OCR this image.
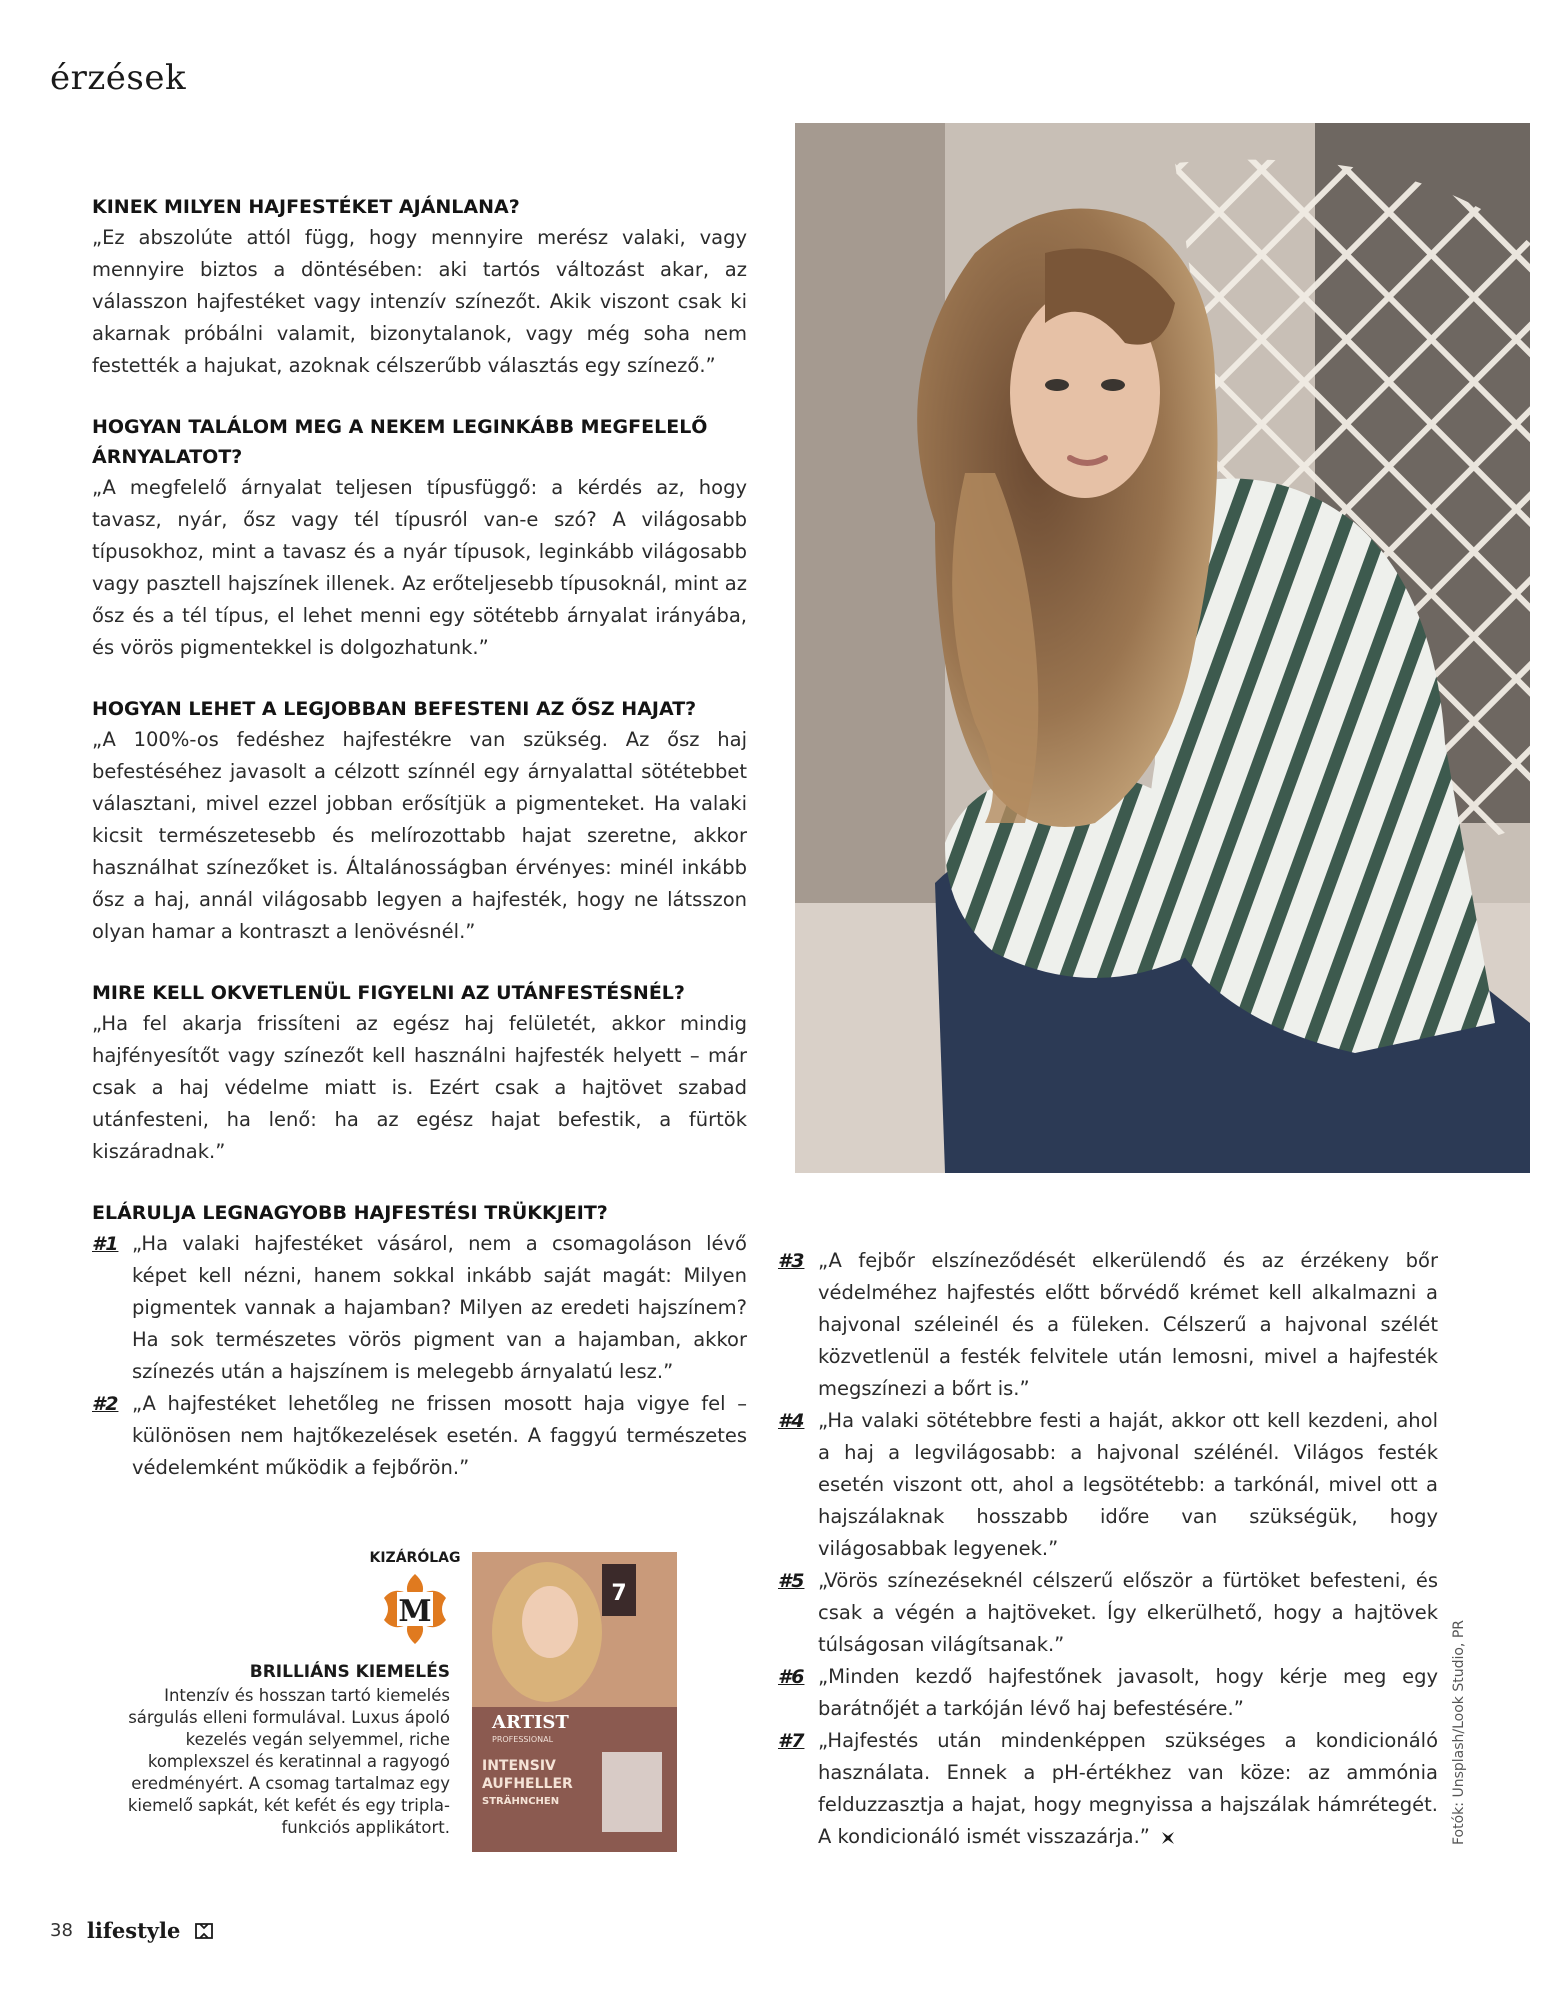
érzések

KINEK MILYEN HAJFESTÉKET AJÁNLANA?

„Ez abszolúte attól függ, hogy mennyire merész valaki, vagy mennyire biztos a döntésében: aki tartós változást akar, az válasszon hajfestéket vagy intenzív színezőt. Akik viszont csak ki akarnak próbálni valamit, bizonytalanok, vagy még soha nem festették a hajukat, azoknak célszerűbb választás egy színező.”

HOGYAN TALÁLOM MEG A NEKEM LEGINKÁBB MEGFELELŐ ÁRNYALATOT?

„A megfelelő árnyalat teljesen típusfüggő: a kérdés az, hogy tavasz, nyár, ősz vagy tél típusról van-e szó? A világosabb típusokhoz, mint a tavasz és a nyár típusok, leginkább világosabb vagy pasztell hajszínek illenek. Az erőteljesebb típusoknál, mint az ősz és a tél típus, el lehet menni egy sötétebb árnyalat irányába, és vörös pigmentekkel is dolgozhatunk.”

HOGYAN LEHET A LEGJOBBAN BEFESTENI AZ ŐSZ HAJAT?

„A 100%-os fedéshez hajfestékre van szükség. Az ősz haj befestéséhez javasolt a célzott színnél egy árnyalattal sötétebbet választani, mivel ezzel jobban erősítjük a pigmenteket. Ha valaki kicsit természetesebb és melírozottabb hajat szeretne, akkor használhat színezőket is. Általánosságban érvényes: minél inkább ősz a haj, annál világosabb legyen a hajfesték, hogy ne látsszon olyan hamar a kontraszt a lenövésnél.”

MIRE KELL OKVETLENÜL FIGYELNI AZ UTÁNFESTÉSNÉL?

„Ha fel akarja frissíteni az egész haj felületét, akkor mindig hajfényesítőt vagy színezőt kell használni hajfesték helyett – már csak a haj védelme miatt is. Ezért csak a hajtövet szabad utánfesteni, ha lenő: ha az egész hajat befestik, a fürtök kiszáradnak.”

ELÁRULJA LEGNAGYOBB HAJFESTÉSI TRÜKKJEIT?

#1 „Ha valaki hajfestéket vásárol, nem a csomagoláson lévő képet kell nézni, hanem sokkal inkább saját magát: Milyen pigmentek vannak a hajamban? Milyen az eredeti hajszínem? Ha sok természetes vörös pigment van a hajamban, akkor színezés után a hajszínem is melegebb árnyalatú lesz.”
#2 „A hajfestéket lehetőleg ne frissen mosott haja vigye fel – különösen nem hajtőkezelések esetén. A faggyú természetes védelemként működik a fejbőrön.”
#3 „A fejbőr elszíneződését elkerülendő és az érzékeny bőr védelméhez hajfestés előtt bőrvédő krémet kell alkalmazni a hajvonal széleinél és a füleken. Célszerű a hajvonal szélét közvetlenül a festék felvitele után lemosni, mivel a hajfesték megszínezi a bőrt is.”
#4 „Ha valaki sötétebbre festi a haját, akkor ott kell kezdeni, ahol a haj a legvilágosabb: a hajvonal szélénél. Világos festék esetén viszont ott, ahol a legsötétebb: a tarkónál, mivel ott a hajszálaknak hosszabb időre van szükségük, hogy világosabbak legyenek.”
#5 „Vörös színezéseknél célszerű először a fürtöket befesteni, és csak a végén a hajtöveket. Így elkerülhető, hogy a hajtövek túlságosan világítsanak.”
#6 „Minden kezdő hajfestőnek javasolt, hogy kérje meg egy barátnőjét a tarkóján lévő haj befestésére.”
#7 „Hajfestés után mindenképpen szükséges a kondicionáló használata. Ennek a pH-értékhez van köze: az ammónia felduzzasztja a hajat, hogy megnyissa a hajszálak hámrétegét. A kondicionáló ismét visszazárja.”
KIZÁRÓLAG
M
BRILLIÁNS KIEMELÉS
Intenzív és hosszan tartó kiemelés sárgulás elleni formulával. Luxus ápoló kezelés vegán selyemmel, riche komplexszel és keratinnal a ragyogó eredményért. A csomag tartalmaz egy kiemelő sapkát, két kefét és egy tripla-funkciós applikátort.
7
ARTIST
PROFESSIONAL
INTENSIV
AUFHELLER
STRÄHNCHEN	Fotók: Unsplash/Look Studio, PR
38 lifestyle
